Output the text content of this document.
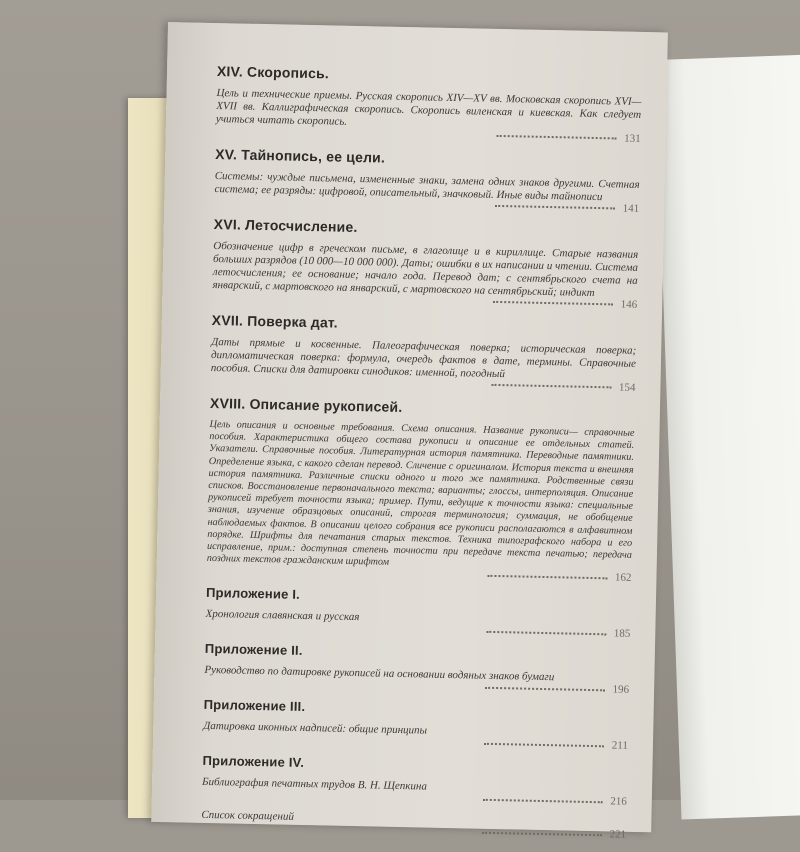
XIV. Скоропись.

Цель и технические приемы. Русская скоропись XIV—XV вв. Московская скоропись XVI—XVII вв. Каллиграфическая скоропись. Скоропись виленская и киевская. Как следует учиться читать скоропись.

131
XV. Тайнопись, ее цели.

Системы: чуждые письмена, измененные знаки, замена одних знаков другими. Счетная система; ее разряды: цифровой, описательный, значковый. Иные виды тайнописи

141
XVI. Летосчисление.

Обозначение цифр в греческом письме, в глаголице и в кириллице. Старые названия больших разрядов (10 000—10 000 000). Даты; ошибки в их написании и чтении. Система летосчисления; ее основание; начало года. Перевод дат; с сентябрьского счета на январский, с мартовского на январский, с мартовского на сентябрьский; индикт

146
XVII. Поверка дат.

Даты прямые и косвенные. Палеографическая поверка; историческая поверка; дипломатическая поверка: формула, очередь фактов в дате, термины. Справочные пособия. Списки для датировки синодиков: именной, погодный

154
XVIII. Описание рукописей.

Цель описания и основные требования. Схема описания. Название рукописи— справочные пособия. Характеристика общего состава рукописи и описание ее отдельных статей. Указатели. Справочные пособия. Литературная история памятника. Переводные памятники. Определение языка, с какого сделан перевод. Сличение с оригиналом. История текста и внешняя история памятника. Различные списки одного и того же памятника. Родственные связи списков. Восстановление первоначального текста; варианты; глоссы, интерполяция. Описание рукописей требует точности языка; пример. Пути, ведущие к точности языка: специальные знания, изучение образцовых описаний, строгая терминология; суммация, не обобщение наблюдаемых фактов. В описании целого собрания все рукописи располагаются в алфавитном порядке. Шрифты для печатания старых текстов. Техника типографского набора и его исправление, прим.: доступная степень точности при передаче текста печатью; передача поздних текстов гражданским шрифтом

162
Приложение I.

Хронология славянская и русская

185
Приложение II.

Руководство по датировке рукописей на основании водяных знаков бумаги

196
Приложение III.

Датировка иконных надписей: общие принципы

211
Приложение IV.

Библиография печатных трудов В. Н. Щепкина

216

Список сокращений

221
